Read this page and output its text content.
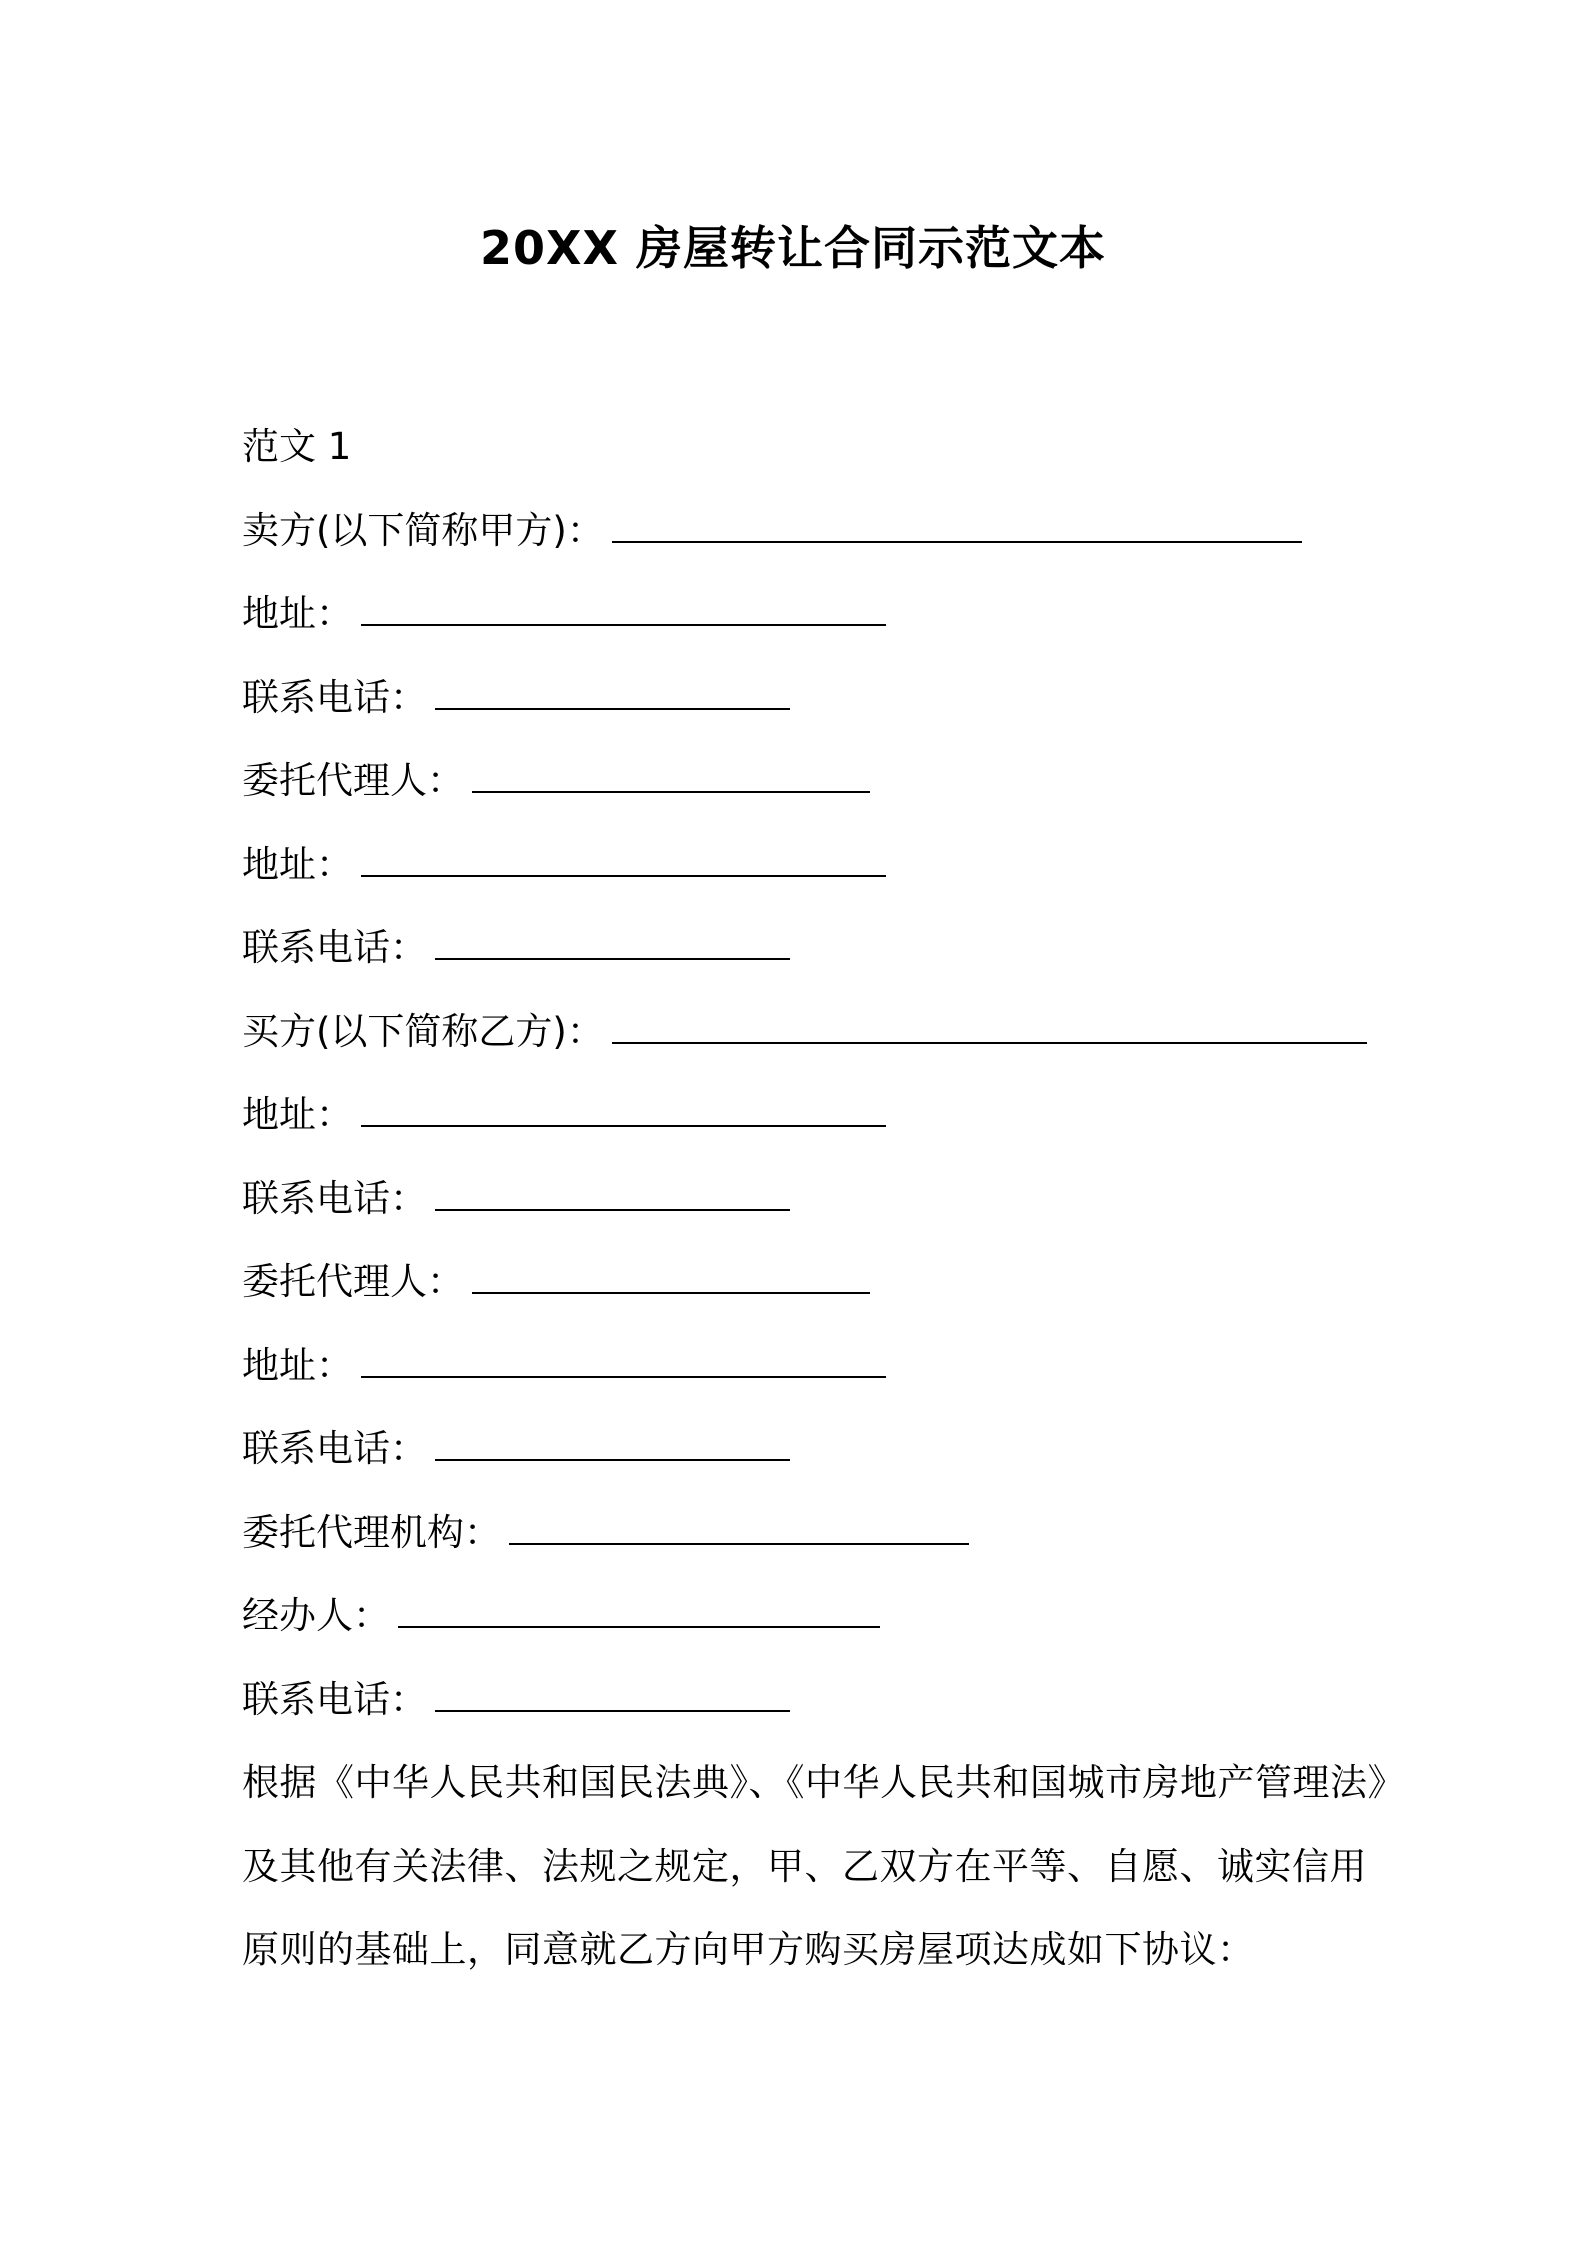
20XX 房屋转让合同示范文本
范文 1
卖方(以下简称甲方)：
地址：
联系电话：
委托代理人：
地址：
联系电话：
买方(以下简称乙方)：
地址：
联系电话：
委托代理人：
地址：
联系电话：
委托代理机构：
经办人：
联系电话：
根据《中华人民共和国民法典》、《中华人民共和国城市房地产管理法》
及其他有关法律、法规之规定，甲、乙双方在平等、自愿、诚实信用
原则的基础上，同意就乙方向甲方购买房屋项达成如下协议：
